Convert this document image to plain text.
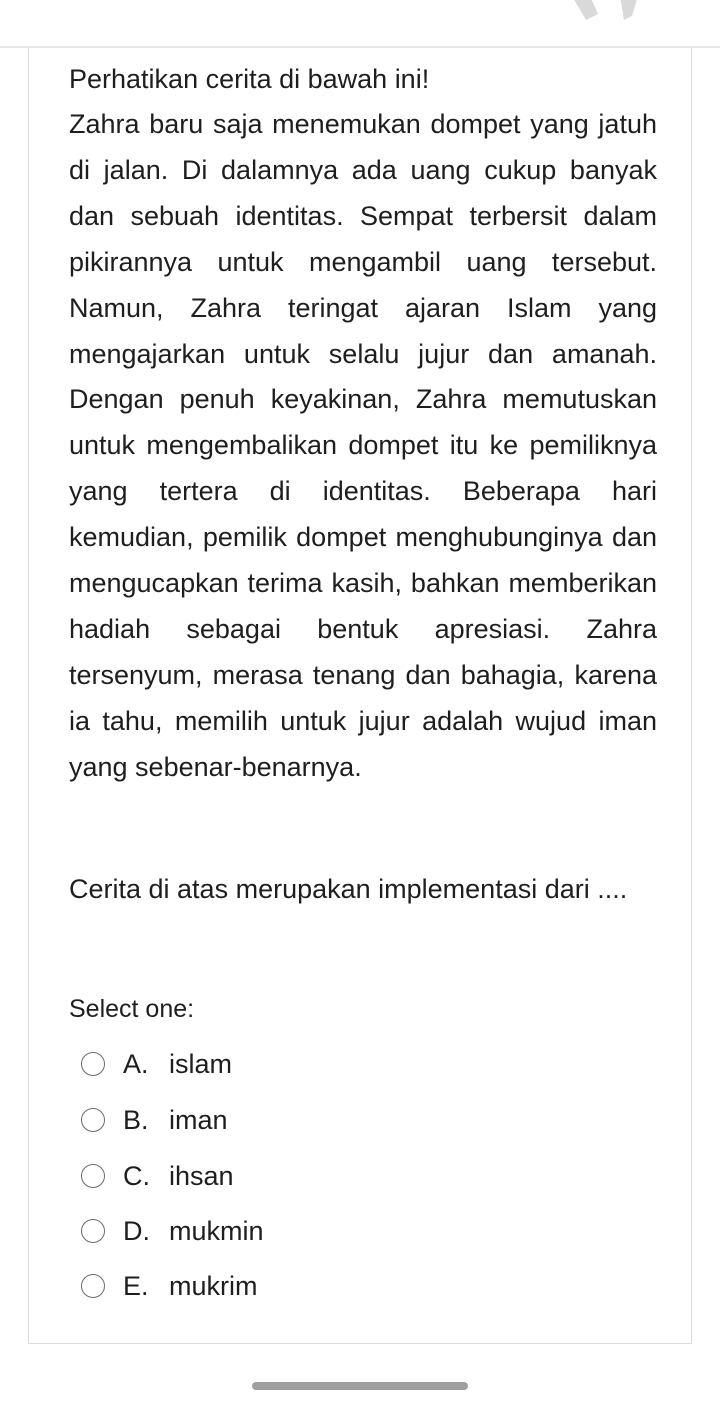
Perhatikan cerita di bawah ini!

Zahra baru saja menemukan dompet yang jatuh di jalan. Di dalamnya ada uang cukup banyak dan sebuah identitas. Sempat terbersit dalam pikirannya untuk mengambil uang tersebut. Namun, Zahra teringat ajaran Islam yang mengajarkan untuk selalu jujur dan amanah. Dengan penuh keyakinan, Zahra memutuskan untuk mengembalikan dompet itu ke pemiliknya yang tertera di identitas. Beberapa hari kemudian, pemilik dompet menghubunginya dan mengucapkan terima kasih, bahkan memberikan hadiah sebagai bentuk apresiasi. Zahra tersenyum, merasa tenang dan bahagia, karena ia tahu, memilih untuk jujur adalah wujud iman yang sebenar-benarnya.

Cerita di atas merupakan implementasi dari ....

Select one:
A. islam
B. iman
C. ihsan
D. mukmin
E. mukrim
